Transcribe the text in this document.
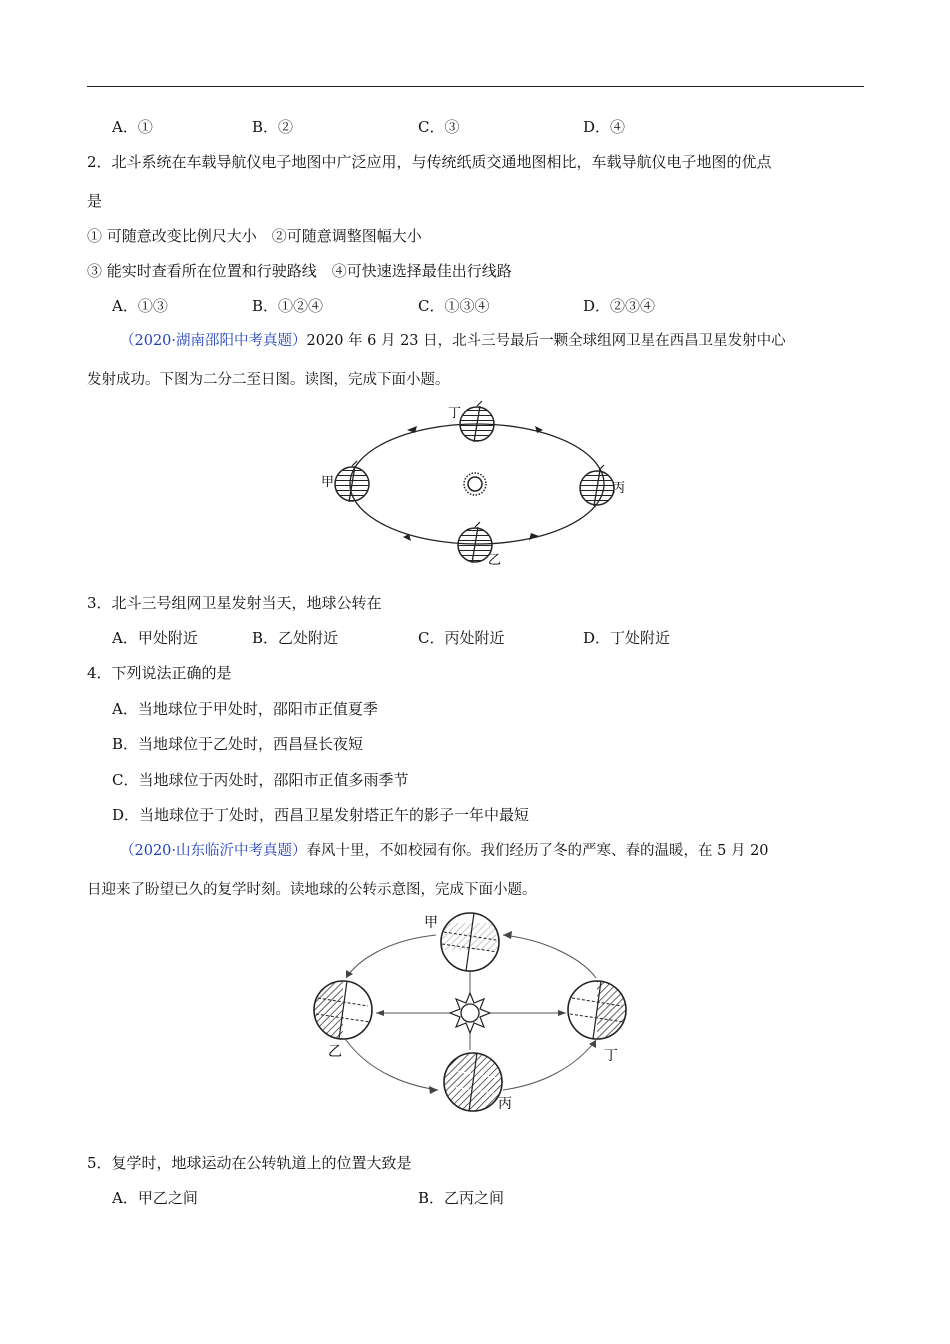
A．①	B．②	C．③	D．④
2．北斗系统在车载导航仪电子地图中广泛应用，与传统纸质交通地图相比，车载导航仪电子地图的优点
是
① 可随意改变比例尺大小　②可随意调整图幅大小
③ 能实时查看所在位置和行驶路线　④可快速选择最佳出行线路
A．①③	B．①②④	C．①③④	D．②③④
（2020·湖南邵阳中考真题）2020 年 6 月 23 日，北斗三号最后一颗全球组网卫星在西昌卫星发射中心
发射成功。下图为二分二至日图。读图，完成下面小题。
丁
甲	丙
乙
3．北斗三号组网卫星发射当天，地球公转在
A．甲处附近	B．乙处附近	C．丙处附近	D．丁处附近
4．下列说法正确的是
A．当地球位于甲处时，邵阳市正值夏季
B．当地球位于乙处时，西昌昼长夜短
C．当地球位于丙处时，邵阳市正值多雨季节
D．当地球位于丁处时，西昌卫星发射塔正午的影子一年中最短
（2020·山东临沂中考真题）春风十里，不如校园有你。我们经历了冬的严寒、春的温暖，在 5 月 20
日迎来了盼望已久的复学时刻。读地球的公转示意图，完成下面小题。
甲
乙	丁
丙
5．复学时，地球运动在公转轨道上的位置大致是
A．甲乙之间	B．乙丙之间
